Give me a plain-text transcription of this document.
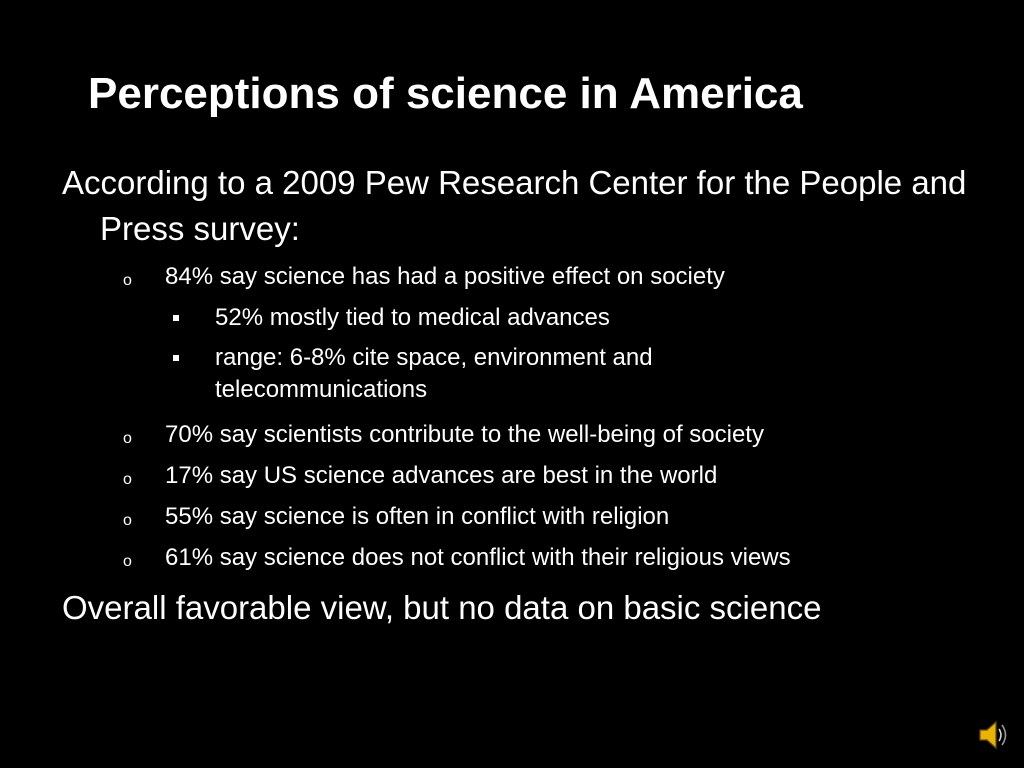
Perceptions of science in America
According to a 2009 Pew Research Center for the People and Press survey:
o 84% say science has had a positive effect on society
52% mostly tied to medical advances
range: 6-8% cite space, environment and telecommunications
o 70% say scientists contribute to the well-being of society
o 17% say US science advances are best in the world
o 55% say science is often in conflict with religion
o 61% say science does not conflict with their religious views
Overall favorable view, but no data on basic science
